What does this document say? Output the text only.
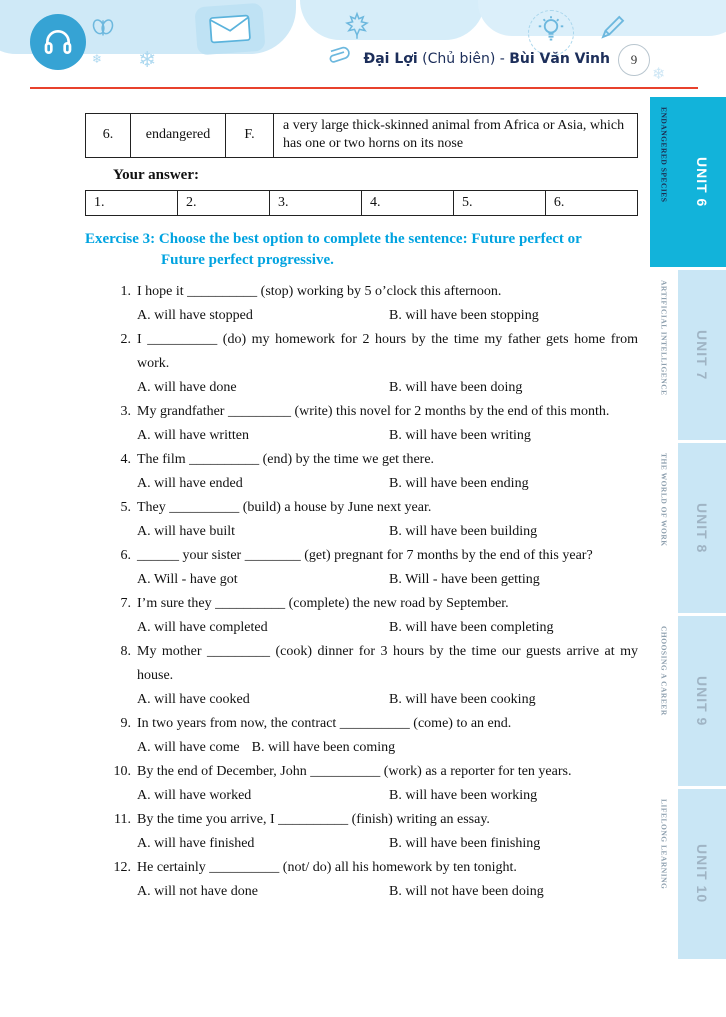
❄
❄
❄
Đại Lợi (Chủ biên) - Bùi Văn Vinh 9
ENDANGERED SPECIES UNIT 6
ARTIFICIAL INTELLIGENCE UNIT 7
THE WORLD OF WORK UNIT 8
CHOOSING A CAREER UNIT 9
LIFELONG LEARNING UNIT 10
6.	endangered	F.	a very large thick-skinned animal from Africa or Asia, which has one or two horns on its nose
Your answer:
1.	2.	3.	4.	5.	6.
Exercise 3: Choose the best option to complete the sentence: Future perfect or
Future perfect progressive.
1. I hope it __________ (stop) working by 5 o’clock this afternoon.
A. will have stopped	B. will have been stopping
2. I __________ (do) my homework for 2 hours by the time my father gets home from work.
A. will have done	B. will have been doing
3. My grandfather _________ (write) this novel for 2 months by the end of this month.
A. will have written	B. will have been writing
4. The film __________ (end) by the time we get there.
A. will have ended	B. will have been ending
5. They __________ (build) a house by June next year.
A. will have built	B. will have been building
6. ______ your sister ________ (get) pregnant for 7 months by the end of this year?
A. Will - have got	B. Will - have been getting
7. I’m sure they __________ (complete) the new road by September.
A. will have completed	B. will have been completing
8. My mother _________ (cook) dinner for 3 hours by the time our guests arrive at my house.
A. will have cooked	B. will have been cooking
9. In two years from now, the contract __________ (come) to an end.
A. will have come B. will have been coming
10. By the end of December, John __________ (work) as a reporter for ten years.
A. will have worked	B. will have been working
11. By the time you arrive, I __________ (finish) writing an essay.
A. will have finished	B. will have been finishing
12. He certainly __________ (not/ do) all his homework by ten tonight.
A. will not have done	B. will not have been doing
